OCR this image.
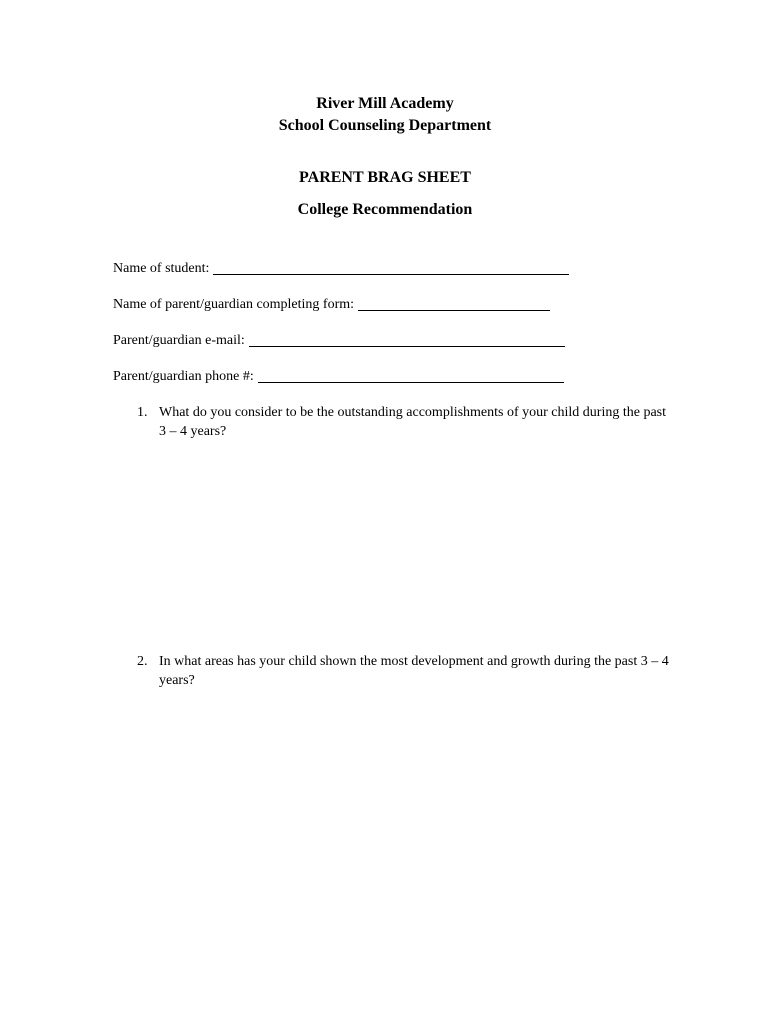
River Mill Academy
School Counseling Department
PARENT BRAG SHEET
College Recommendation
Name of student:
Name of parent/guardian completing form:
Parent/guardian e-mail:
Parent/guardian phone #:
1. What do you consider to be the outstanding accomplishments of your child during the past 3 – 4 years?
2. In what areas has your child shown the most development and growth during the past 3 – 4 years?
